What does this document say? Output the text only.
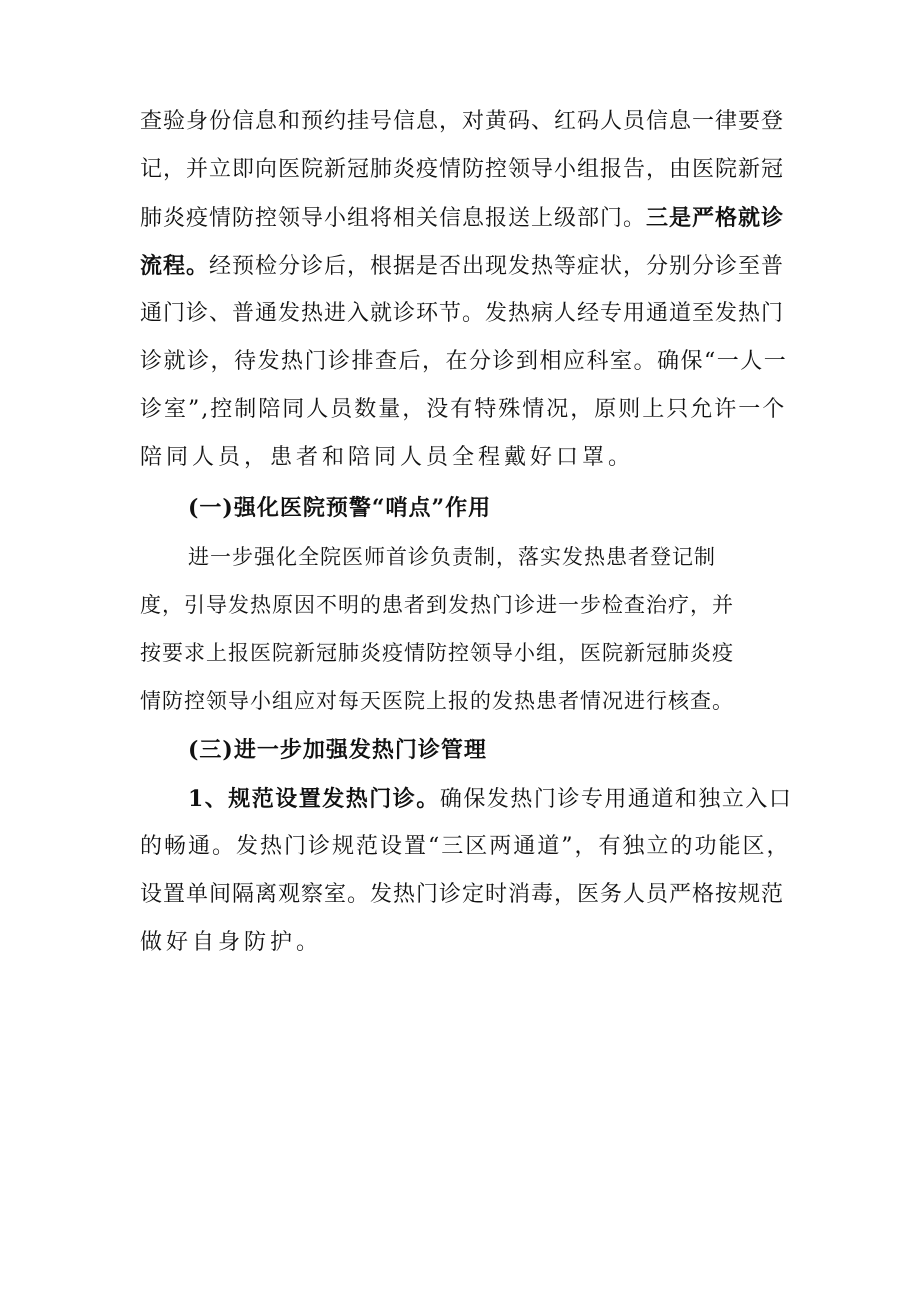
查验身份信息和预约挂号信息，对黄码、红码人员信息一律要登
记，并立即向医院新冠肺炎疫情防控领导小组报告，由医院新冠
肺炎疫情防控领导小组将相关信息报送上级部门。三是严格就诊
流程。经预检分诊后，根据是否出现发热等症状，分别分诊至普
通门诊、普通发热进入就诊环节。发热病人经专用通道至发热门
诊就诊，待发热门诊排查后，在分诊到相应科室。确保“一人一
诊室”,控制陪同人员数量，没有特殊情况，原则上只允许一个
陪同人员，患者和陪同人员全程戴好口罩。
(一)强化医院预警“哨点”作用
进一步强化全院医师首诊负责制，落实发热患者登记制
度，引导发热原因不明的患者到发热门诊进一步检查治疗，并
按要求上报医院新冠肺炎疫情防控领导小组，医院新冠肺炎疫
情防控领导小组应对每天医院上报的发热患者情况进行核查。
(三)进一步加强发热门诊管理
1、规范设置发热门诊。确保发热门诊专用通道和独立入口
的畅通。发热门诊规范设置“三区两通道”，有独立的功能区，
设置单间隔离观察室。发热门诊定时消毒，医务人员严格按规范
做好自身防护。
